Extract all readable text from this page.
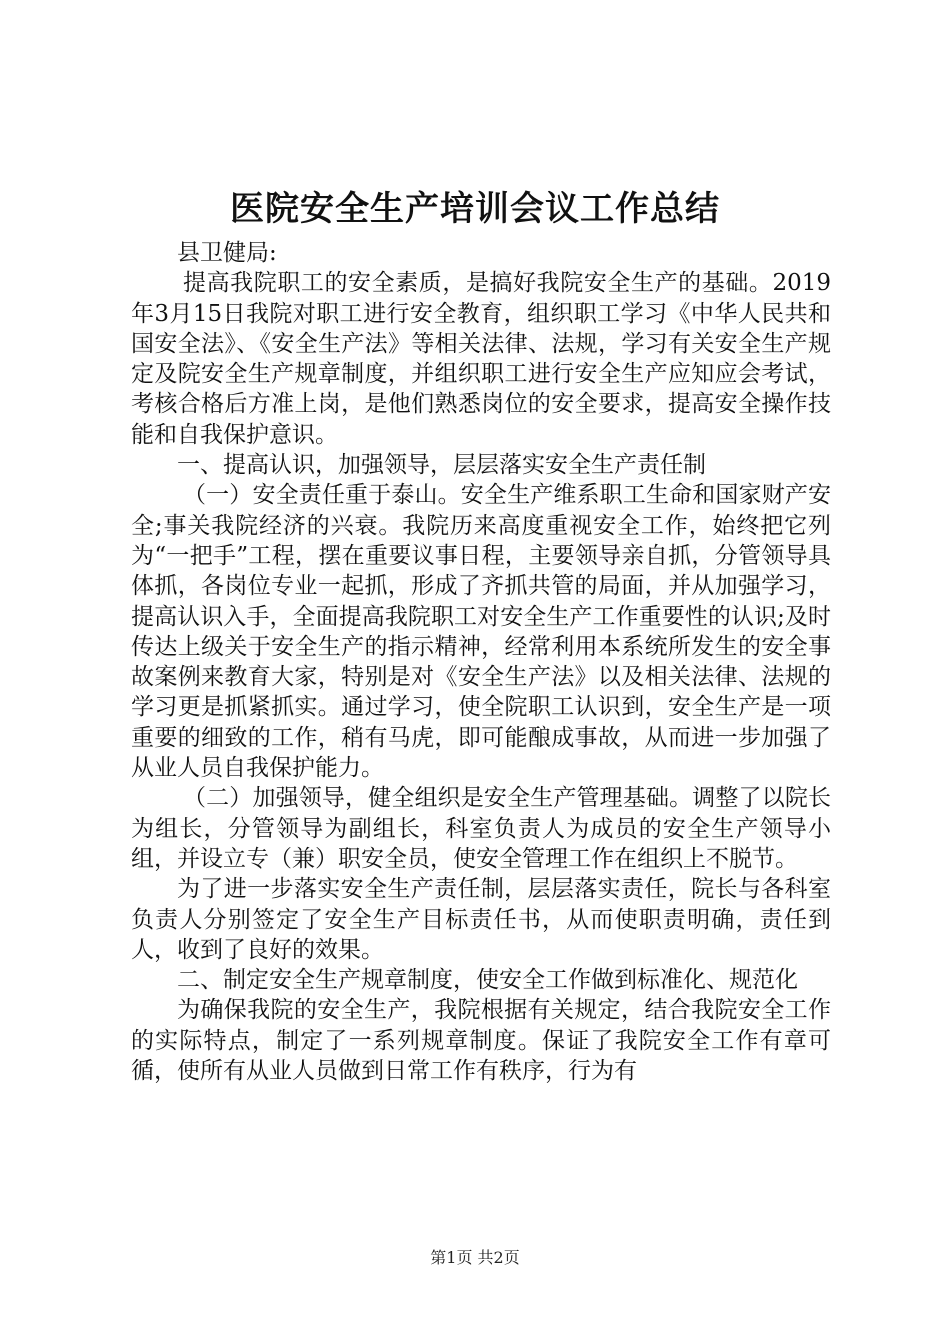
医院安全生产培训会议工作总结

县卫健局:

提高我院职工的安全素质，是搞好我院安全生产的基础。2019年3月15日我院对职工进行安全教育，组织职工学习《中华人民共和国安全法》、《安全生产法》等相关法律、法规，学习有关安全生产规定及院安全生产规章制度，并组织职工进行安全生产应知应会考试，考核合格后方准上岗，是他们熟悉岗位的安全要求，提高安全操作技能和自我保护意识。

一、提高认识，加强领导，层层落实安全生产责任制

（一）安全责任重于泰山。安全生产维系职工生命和国家财产安全;事关我院经济的兴衰。我院历来高度重视安全工作，始终把它列为“一把手”工程，摆在重要议事日程，主要领导亲自抓，分管领导具体抓，各岗位专业一起抓，形成了齐抓共管的局面，并从加强学习，提高认识入手，全面提高我院职工对安全生产工作重要性的认识;及时传达上级关于安全生产的指示精神，经常利用本系统所发生的安全事故案例来教育大家，特别是对《安全生产法》以及相关法律、法规的学习更是抓紧抓实。通过学习，使全院职工认识到，安全生产是一项重要的细致的工作，稍有马虎，即可能酿成事故，从而进一步加强了从业人员自我保护能力。

（二）加强领导，健全组织是安全生产管理基础。调整了以院长为组长，分管领导为副组长，科室负责人为成员的安全生产领导小组，并设立专（兼）职安全员，使安全管理工作在组织上不脱节。

为了进一步落实安全生产责任制，层层落实责任，院长与各科室负责人分别签定了安全生产目标责任书，从而使职责明确，责任到人，收到了良好的效果。

二、制定安全生产规章制度，使安全工作做到标准化、规范化

为确保我院的安全生产，我院根据有关规定，结合我院安全工作的实际特点，制定了一系列规章制度。保证了我院安全工作有章可循，使所有从业人员做到日常工作有秩序，行为有

第1页 共2页
